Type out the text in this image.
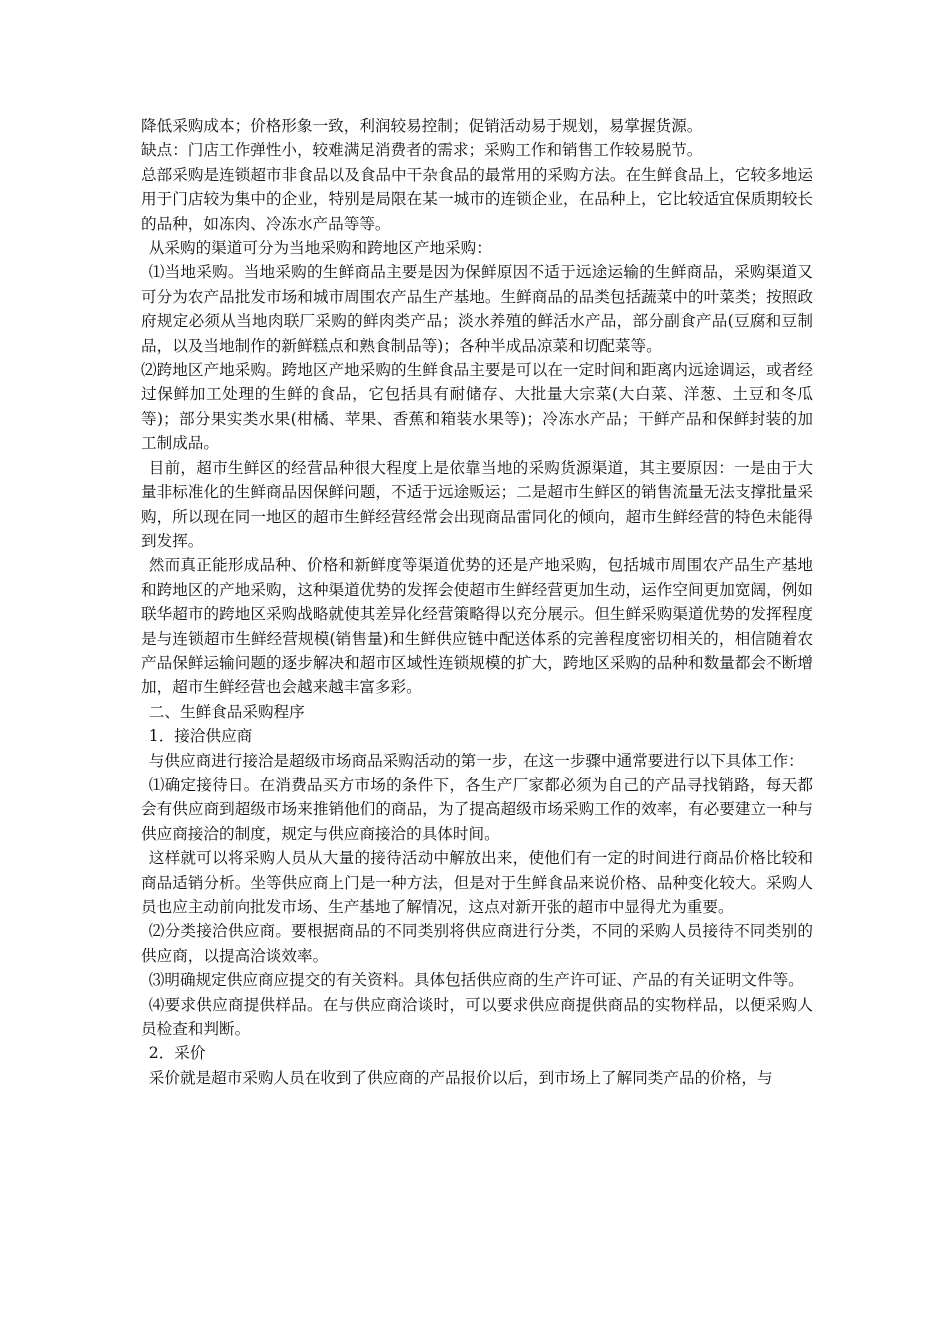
降低采购成本；价格形象一致，利润较易控制；促销活动易于规划，易掌握货源。

缺点：门店工作弹性小，较难满足消费者的需求；采购工作和销售工作较易脱节。

总部采购是连锁超市非食品以及食品中干杂食品的最常用的采购方法。在生鲜食品上，它较多地运用于门店较为集中的企业，特别是局限在某一城市的连锁企业，在品种上，它比较适宜保质期较长的品种，如冻肉、冷冻水产品等等。

从采购的渠道可分为当地采购和跨地区产地采购：

⑴当地采购。当地采购的生鲜商品主要是因为保鲜原因不适于远途运输的生鲜商品，采购渠道又可分为农产品批发市场和城市周围农产品生产基地。生鲜商品的品类包括蔬菜中的叶菜类；按照政府规定必须从当地肉联厂采购的鲜肉类产品；淡水养殖的鲜活水产品，部分副食产品(豆腐和豆制品，以及当地制作的新鲜糕点和熟食制品等)；各种半成品凉菜和切配菜等。

⑵跨地区产地采购。跨地区产地采购的生鲜食品主要是可以在一定时间和距离内远途调运，或者经过保鲜加工处理的生鲜的食品，它包括具有耐储存、大批量大宗菜(大白菜、洋葱、土豆和冬瓜等)；部分果实类水果(柑橘、苹果、香蕉和箱装水果等)；冷冻水产品；干鲜产品和保鲜封装的加工制成品。

目前，超市生鲜区的经营品种很大程度上是依靠当地的采购货源渠道，其主要原因：一是由于大量非标准化的生鲜商品因保鲜问题，不适于远途贩运；二是超市生鲜区的销售流量无法支撑批量采购，所以现在同一地区的超市生鲜经营经常会出现商品雷同化的倾向，超市生鲜经营的特色未能得到发挥。

然而真正能形成品种、价格和新鲜度等渠道优势的还是产地采购，包括城市周围农产品生产基地和跨地区的产地采购，这种渠道优势的发挥会使超市生鲜经营更加生动，运作空间更加宽阔，例如联华超市的跨地区采购战略就使其差异化经营策略得以充分展示。但生鲜采购渠道优势的发挥程度是与连锁超市生鲜经营规模(销售量)和生鲜供应链中配送体系的完善程度密切相关的，相信随着农产品保鲜运输问题的逐步解决和超市区域性连锁规模的扩大，跨地区采购的品种和数量都会不断增加，超市生鲜经营也会越来越丰富多彩。

二、生鲜食品采购程序

1．接洽供应商

与供应商进行接洽是超级市场商品采购活动的第一步，在这一步骤中通常要进行以下具体工作：

⑴确定接待日。在消费品买方市场的条件下，各生产厂家都必须为自己的产品寻找销路，每天都会有供应商到超级市场来推销他们的商品，为了提高超级市场采购工作的效率，有必要建立一种与供应商接洽的制度，规定与供应商接洽的具体时间。

这样就可以将采购人员从大量的接待活动中解放出来，使他们有一定的时间进行商品价格比较和商品适销分析。坐等供应商上门是一种方法，但是对于生鲜食品来说价格、品种变化较大。采购人员也应主动前向批发市场、生产基地了解情况，这点对新开张的超市中显得尤为重要。

⑵分类接洽供应商。要根据商品的不同类别将供应商进行分类，不同的采购人员接待不同类别的供应商，以提高洽谈效率。

⑶明确规定供应商应提交的有关资料。具体包括供应商的生产许可证、产品的有关证明文件等。

⑷要求供应商提供样品。在与供应商洽谈时，可以要求供应商提供商品的实物样品，以便采购人员检查和判断。

2．采价

采价就是超市采购人员在收到了供应商的产品报价以后，到市场上了解同类产品的价格，与
